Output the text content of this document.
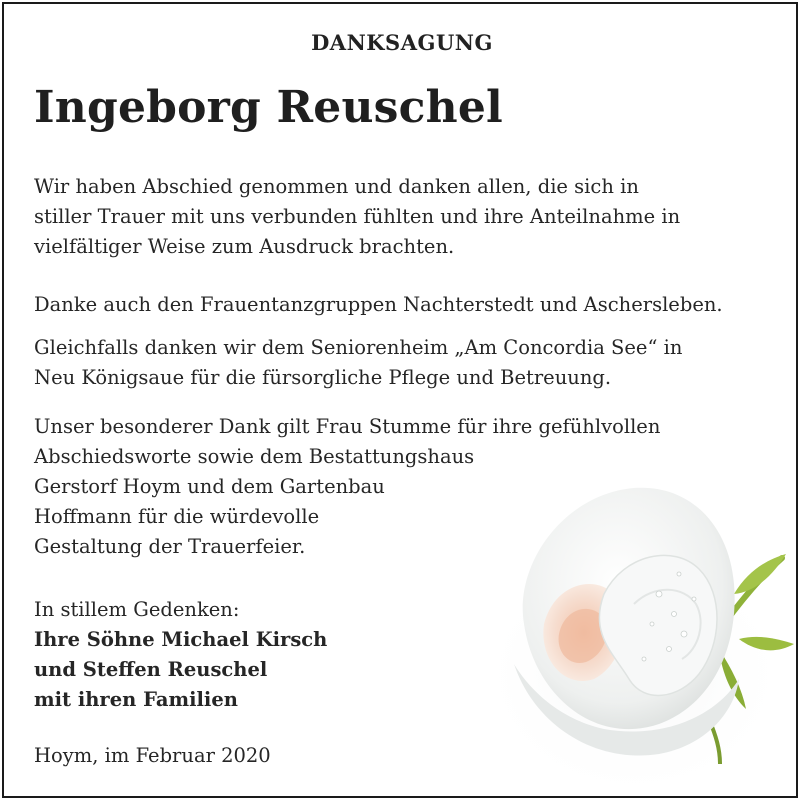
DANKSAGUNG
Ingeborg Reuschel
Wir haben Abschied genommen und danken allen, die sich in
stiller Trauer mit uns verbunden fühlten und ihre Anteilnahme in
vielfältiger Weise zum Ausdruck brachten.
Danke auch den Frauentanzgruppen Nachterstedt und Aschersleben.
Gleichfalls danken wir dem Seniorenheim „Am Concordia See“ in
Neu Königsaue für die fürsorgliche Pflege und Betreuung.
Unser besonderer Dank gilt Frau Stumme für ihre gefühlvollen
Abschiedsworte sowie dem Bestattungshaus
Gerstorf Hoym und dem Gartenbau
Hoffmann für die würdevolle
Gestaltung der Trauerfeier.
In stillem Gedenken:
Ihre Söhne Michael Kirsch
und Steffen Reuschel
mit ihren Familien
Hoym, im Februar 2020
